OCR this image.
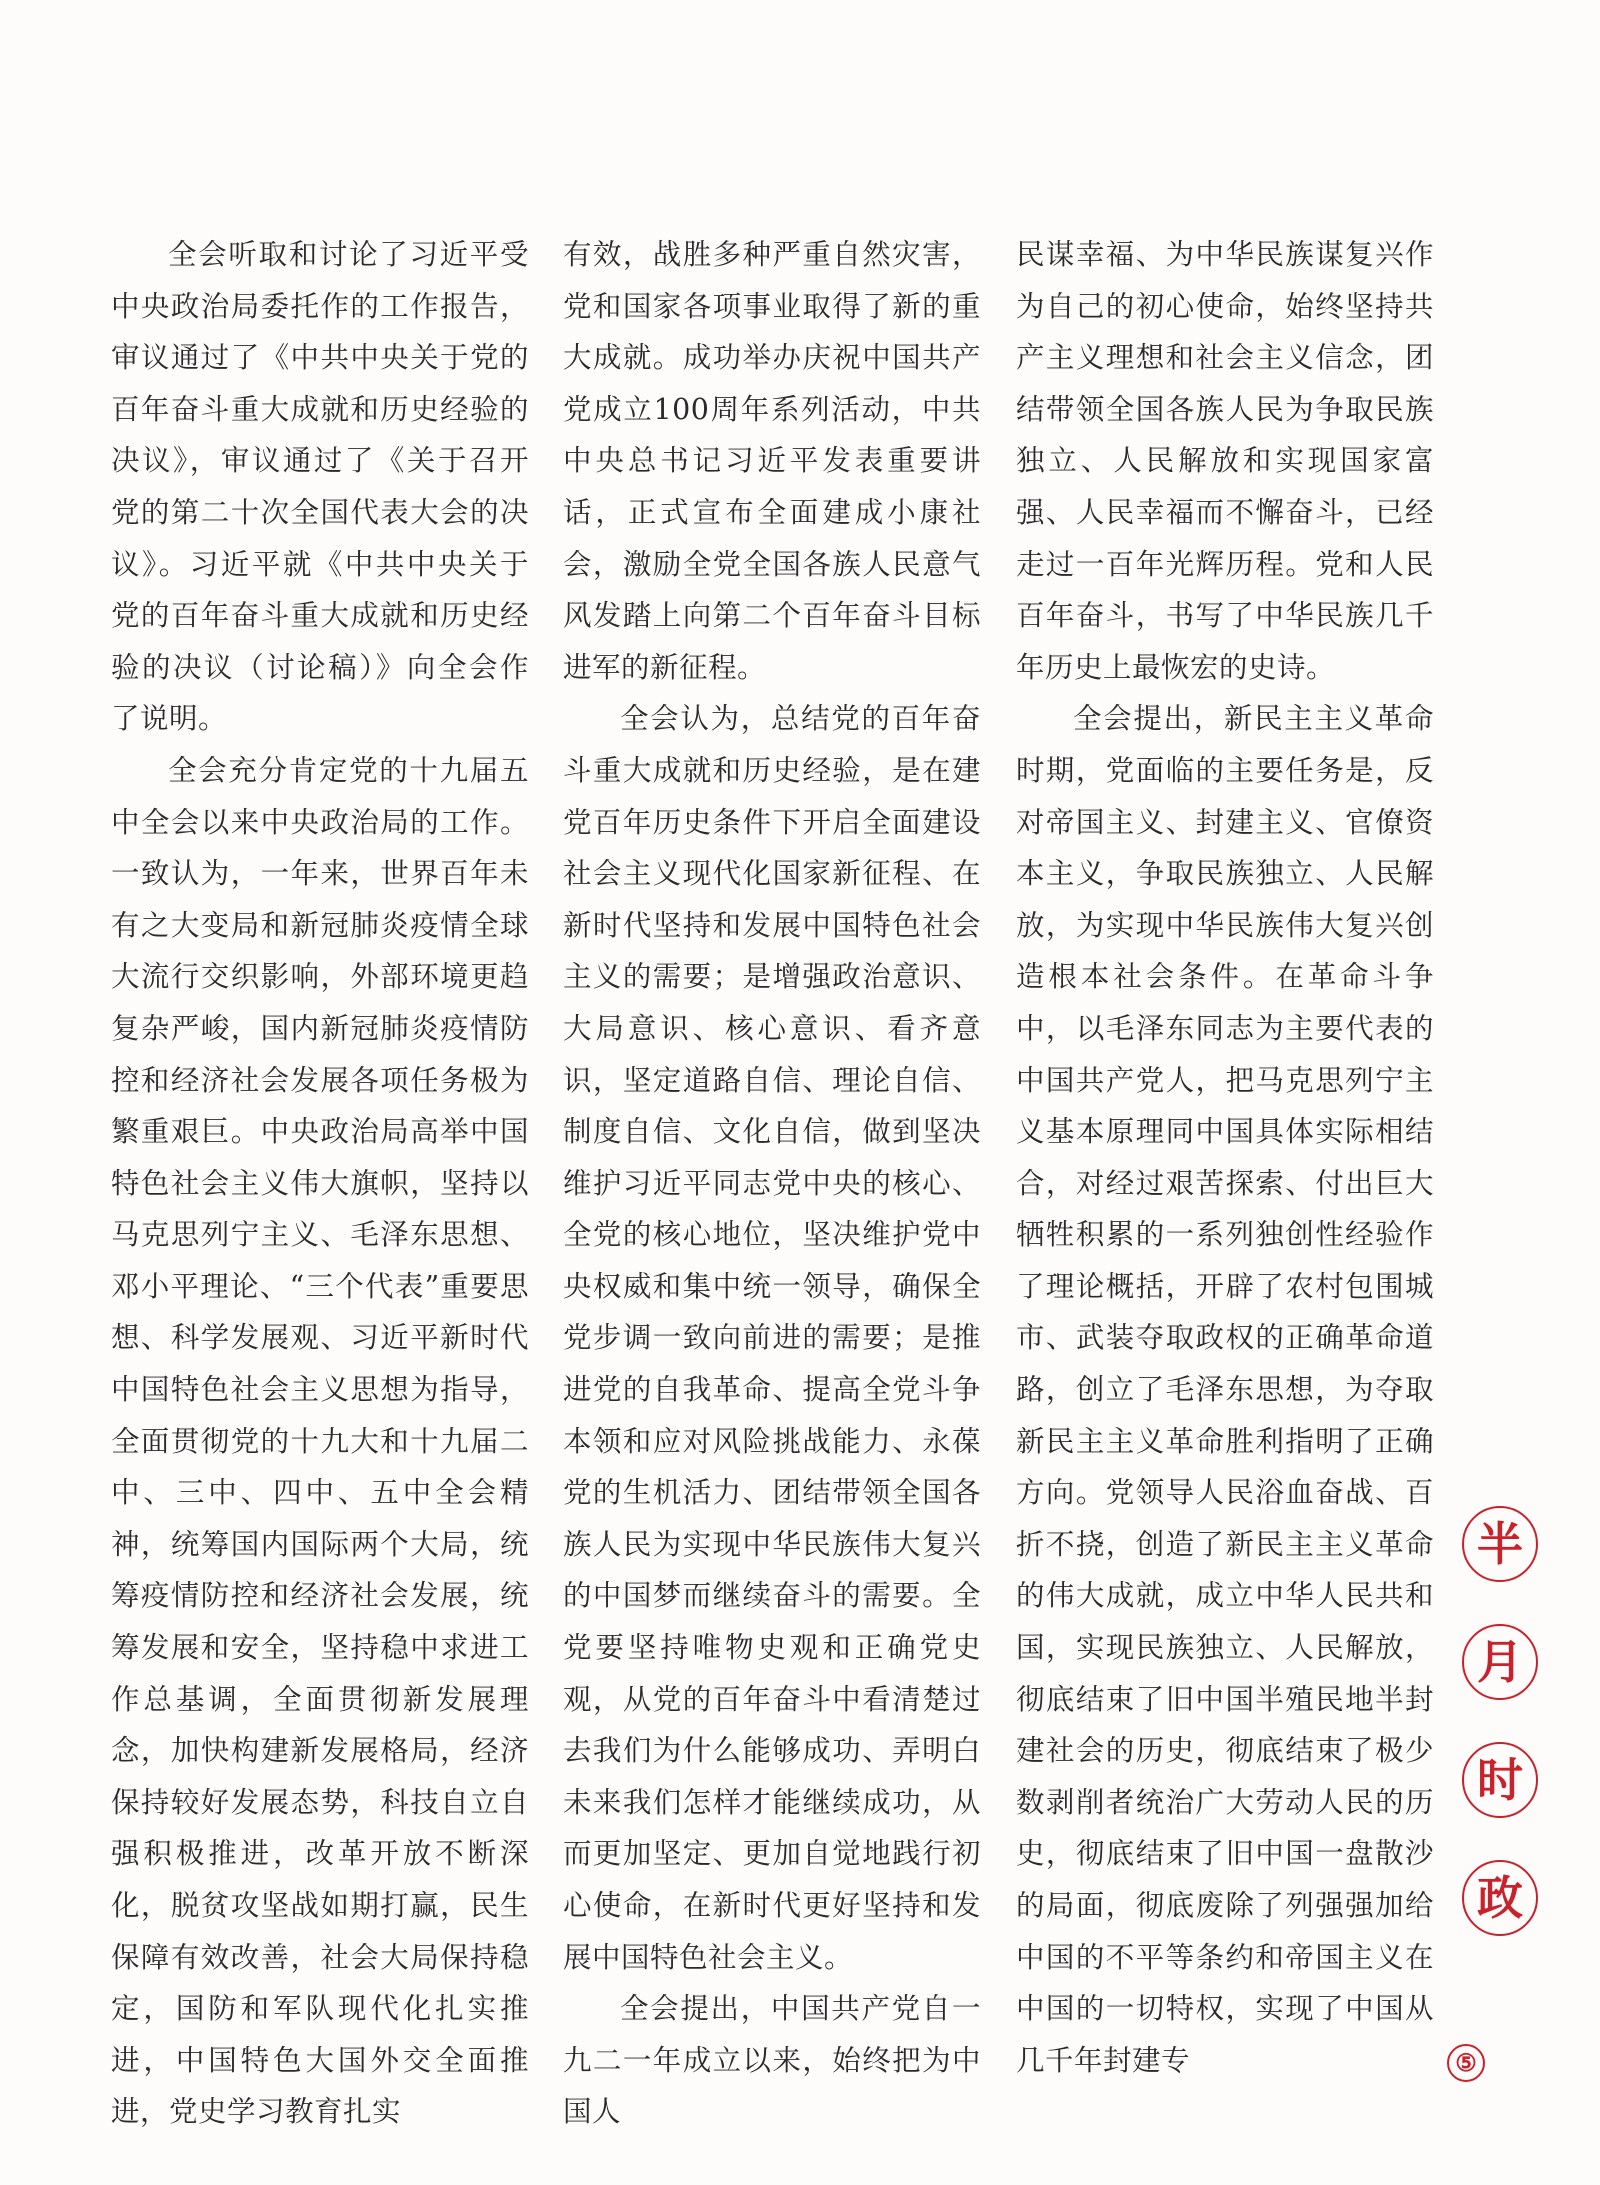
全会听取和讨论了习近平受中央政治局委托作的工作报告，审议通过了《中共中央关于党的百年奋斗重大成就和历史经验的决议》，审议通过了《关于召开党的第二十次全国代表大会的决议》。习近平就《中共中央关于党的百年奋斗重大成就和历史经验的决议（讨论稿）》向全会作了说明。

全会充分肯定党的十九届五中全会以来中央政治局的工作。一致认为，一年来，世界百年未有之大变局和新冠肺炎疫情全球大流行交织影响，外部环境更趋复杂严峻，国内新冠肺炎疫情防控和经济社会发展各项任务极为繁重艰巨。中央政治局高举中国特色社会主义伟大旗帜，坚持以马克思列宁主义、毛泽东思想、邓小平理论、“三个代表”重要思想、科学发展观、习近平新时代中国特色社会主义思想为指导，全面贯彻党的十九大和十九届二中、三中、四中、五中全会精神，统筹国内国际两个大局，统筹疫情防控和经济社会发展，统筹发展和安全，坚持稳中求进工作总基调，全面贯彻新发展理念，加快构建新发展格局，经济保持较好发展态势，科技自立自强积极推进，改革开放不断深化，脱贫攻坚战如期打赢，民生保障有效改善，社会大局保持稳定，国防和军队现代化扎实推进，中国特色大国外交全面推进，党史学习教育扎实

有效，战胜多种严重自然灾害，党和国家各项事业取得了新的重大成就。成功举办庆祝中国共产党成立100周年系列活动，中共中央总书记习近平发表重要讲话，正式宣布全面建成小康社会，激励全党全国各族人民意气风发踏上向第二个百年奋斗目标进军的新征程。

全会认为，总结党的百年奋斗重大成就和历史经验，是在建党百年历史条件下开启全面建设社会主义现代化国家新征程、在新时代坚持和发展中国特色社会主义的需要；是增强政治意识、大局意识、核心意识、看齐意识，坚定道路自信、理论自信、制度自信、文化自信，做到坚决维护习近平同志党中央的核心、全党的核心地位，坚决维护党中央权威和集中统一领导，确保全党步调一致向前进的需要；是推进党的自我革命、提高全党斗争本领和应对风险挑战能力、永葆党的生机活力、团结带领全国各族人民为实现中华民族伟大复兴的中国梦而继续奋斗的需要。全党要坚持唯物史观和正确党史观，从党的百年奋斗中看清楚过去我们为什么能够成功、弄明白未来我们怎样才能继续成功，从而更加坚定、更加自觉地践行初心使命，在新时代更好坚持和发展中国特色社会主义。

全会提出，中国共产党自一九二一年成立以来，始终把为中国人

民谋幸福、为中华民族谋复兴作为自己的初心使命，始终坚持共产主义理想和社会主义信念，团结带领全国各族人民为争取民族独立、人民解放和实现国家富强、人民幸福而不懈奋斗，已经走过一百年光辉历程。党和人民百年奋斗，书写了中华民族几千年历史上最恢宏的史诗。

全会提出，新民主主义革命时期，党面临的主要任务是，反对帝国主义、封建主义、官僚资本主义，争取民族独立、人民解放，为实现中华民族伟大复兴创造根本社会条件。在革命斗争中，以毛泽东同志为主要代表的中国共产党人，把马克思列宁主义基本原理同中国具体实际相结合，对经过艰苦探索、付出巨大牺牲积累的一系列独创性经验作了理论概括，开辟了农村包围城市、武装夺取政权的正确革命道路，创立了毛泽东思想，为夺取新民主主义革命胜利指明了正确方向。党领导人民浴血奋战、百折不挠，创造了新民主主义革命的伟大成就，成立中华人民共和国，实现民族独立、人民解放，彻底结束了旧中国半殖民地半封建社会的历史，彻底结束了极少数剥削者统治广大劳动人民的历史，彻底结束了旧中国一盘散沙的局面，彻底废除了列强强加给中国的不平等条约和帝国主义在中国的一切特权，实现了中国从几千年封建专

半
月
时
政
⑤
